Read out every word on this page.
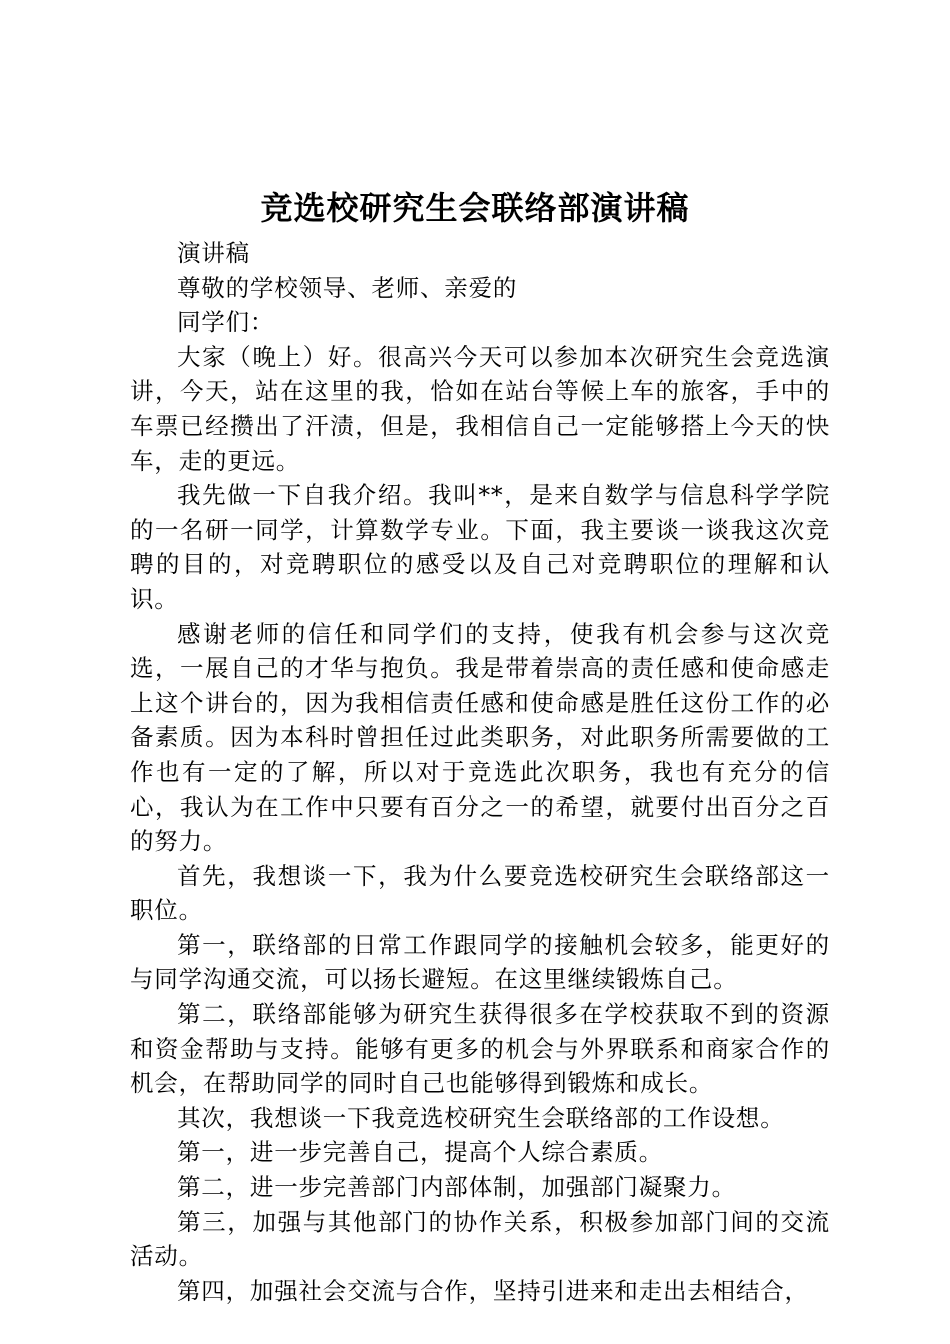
竞选校研究生会联络部演讲稿

演讲稿

尊敬的学校领导、老师、亲爱的

同学们：

大家（晚上）好。很高兴今天可以参加本次研究生会竞选演讲，今天，站在这里的我，恰如在站台等候上车的旅客，手中的车票已经攒出了汗渍，但是，我相信自己一定能够搭上今天的快车，走的更远。

我先做一下自我介绍。我叫**，是来自数学与信息科学学院的一名研一同学，计算数学专业。下面，我主要谈一谈我这次竞聘的目的，对竞聘职位的感受以及自己对竞聘职位的理解和认识。

感谢老师的信任和同学们的支持，使我有机会参与这次竞选，一展自己的才华与抱负。我是带着崇高的责任感和使命感走上这个讲台的，因为我相信责任感和使命感是胜任这份工作的必备素质。因为本科时曾担任过此类职务，对此职务所需要做的工作也有一定的了解，所以对于竞选此次职务，我也有充分的信心，我认为在工作中只要有百分之一的希望，就要付出百分之百的努力。

首先，我想谈一下，我为什么要竞选校研究生会联络部这一职位。

第一，联络部的日常工作跟同学的接触机会较多，能更好的与同学沟通交流，可以扬长避短。在这里继续锻炼自己。

第二，联络部能够为研究生获得很多在学校获取不到的资源和资金帮助与支持。能够有更多的机会与外界联系和商家合作的机会，在帮助同学的同时自己也能够得到锻炼和成长。

其次，我想谈一下我竞选校研究生会联络部的工作设想。

第一，进一步完善自己，提高个人综合素质。

第二，进一步完善部门内部体制，加强部门凝聚力。

第三，加强与其他部门的协作关系，积极参加部门间的交流活动。

第四，加强社会交流与合作，坚持引进来和走出去相结合，
